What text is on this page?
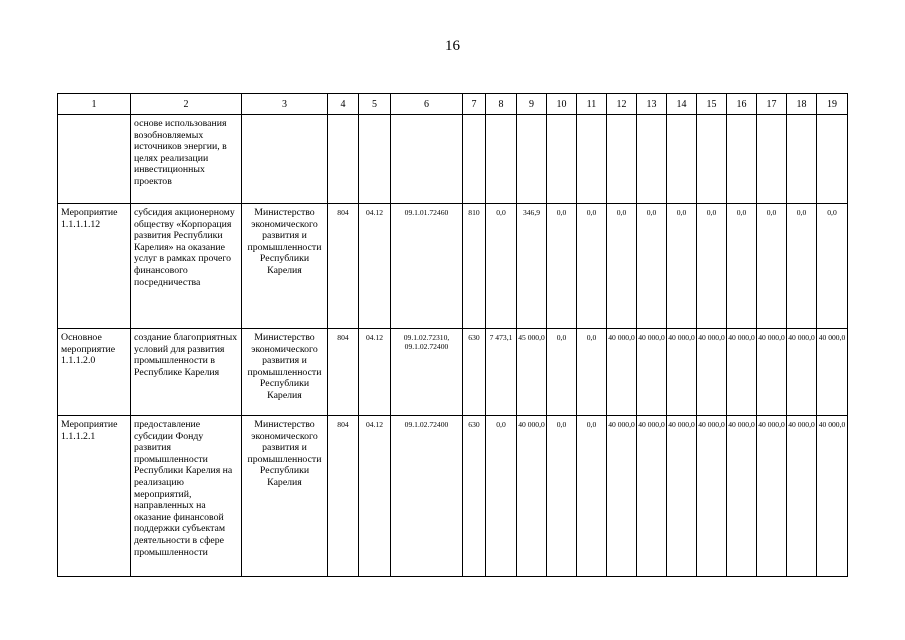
16
1	2	3	4	5	6	7	8	9	10	11	12	13	14	15	16	17	18	19
	основе использования возобновляемых источников энергии, в целях реализации инвестиционных проектов																	
Мероприятие 1.1.1.1.12	субсидия акционерному обществу «Корпорация развития Республики Карелия» на оказание услуг в рамках прочего финансового посредничества	Министерство экономического развития и промышленности Республики Карелия	804	04.12	09.1.01.72460	810	0,0	346,9	0,0	0,0	0,0	0,0	0,0	0,0	0,0	0,0	0,0	0,0
Основное мероприятие 1.1.1.2.0	создание благоприятных условий для развития промышленности в Республике Карелия	Министерство экономического развития и промышленности Республики Карелия	804	04.12	09.1.02.72310, 09.1.02.72400	630	7 473,1	45 000,0	0,0	0,0	40 000,0	40 000,0	40 000,0	40 000,0	40 000,0	40 000,0	40 000,0	40 000,0
Мероприятие 1.1.1.2.1	предоставление субсидии Фонду развития промышленности Республики Карелия на реализацию мероприятий, направленных на оказание финансовой поддержки субъектам деятельности в сфере промышленности	Министерство экономического развития и промышленности Республики Карелия	804	04.12	09.1.02.72400	630	0,0	40 000,0	0,0	0,0	40 000,0	40 000,0	40 000,0	40 000,0	40 000,0	40 000,0	40 000,0	40 000,0
